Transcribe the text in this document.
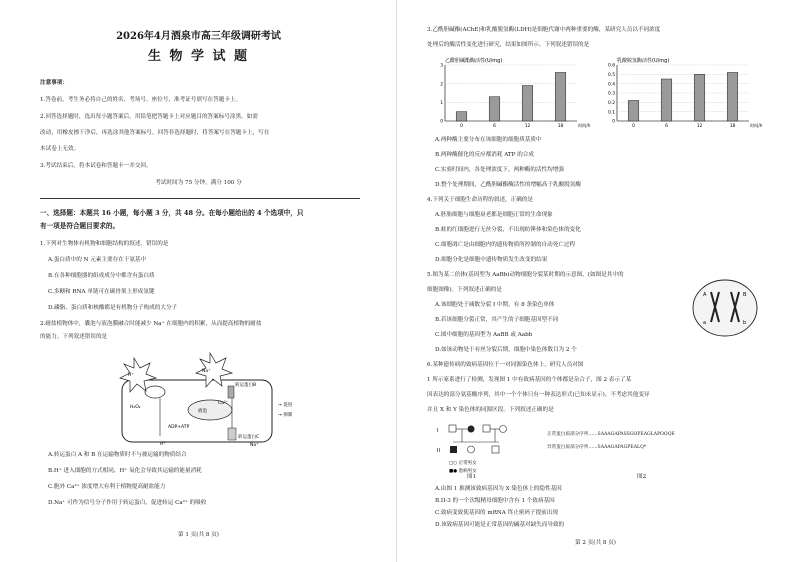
2026年4月酒泉市高三年级调研考试
生 物 学 试 题
注意事项：
1.答卷前，考生务必将自己的姓名、考场号、座位号、准考证号填写在答题卡上。
2.回答选择题时，选出每小题答案后，用铅笔把答题卡上对应题目的答案标号涂黑。如需
改动，用橡皮擦干净后，再选涂其他答案标号。回答非选择题时，将答案写在答题卡上，写在
本试卷上无效。
3.考试结束后，将本试卷和答题卡一并交回。
考试时间为 75 分钟，满分 100 分
一、选择题：本题共 16 小题，每小题 3 分，共 48 分。在每小题给出的 4 个选项中，只
有一项是符合题目要求的。
1.下列对生物体有机物和细胞结构的叙述，错误的是
A.蛋白质中的 N 元素主要存在于氨基中
B.在各种细胞器的组成成分中都含有蛋白质
C.多糖和 RNA 单链可在碳骨架上形成氢键
D.磷脂、蛋白质和核酸都是有机物分子构成的大分子
2.耐盐植物体中，囊泡与液泡膜融合时能减少 Na⁺ 在细胞内的积累，从而提高植物的耐盐
的能力。下列叙述错误的是
Na⁺
H⁺
转运蛋白B
H₂O₂
ADP+ATP
液泡
Ca²⁺
转运蛋白C
H⁺	Na⁺
→ 促进
→ 抑制
A.转运蛋白 A 和 B 在运输物质时不与被运输的物质结合
B.H⁺ 进入细胞的方式相同，H⁺ 氧化会导致其运输的能量消耗
C.胞外 Ca²⁺ 浓度增大有利于植物提高耐盐能力
D.Na⁺ 可作为信号分子作用于转运蛋白，促进转运 Ca²⁺ 的吸收
第 1 页(共 8 页)
3.乙酰胆碱酯(AChE)和乳酸脱氢酶(LDH)是细胞代谢中两种重要的酶，某研究人员以不同浓度
处理后的酶活性变化进行研究，结果如图所示。下列叙述错误的是
乙酰胆碱酯酶活性(U/mg)
0
1
2
3
0	6	12	18	时间/h
乳酸脱氢酶活性(U/mg)
0
0.1
0.2
0.3
0.4
0.5
0.6
0	6	12	18	时间/h
A.两种酶主要分布在该细胞的细胞质基质中
B.两种酶催化的反应都消耗 ATP 的合成
C.实验时间内，各处理浓度下，两种酶的活性均增强
D.整个处理期间，乙酰胆碱酯酶活性的增幅高于乳酸脱氢酶
4.下列关于细胞生命历程的叙述，正确的是
A.胚胎细胞与细胞衰老都是细胞正常的生命现象
B.蛙的红细胞进行无丝分裂，不出现纺锤体和染色体的变化
C.细胞凋亡是由细胞内的遗传物质所控制的自动死亡过程
D.细胞分化是细胞中遗传物质发生改变的结果
5.图为某二倍体(基因型为 AaBb)动物细胞分裂某时期的示意图，(如图是其中的
细胞图像)。下列叙述正确的是
A.该细胞处于减数分裂 I 中期，有 8 条染色单体
B.若该细胞分裂正常，其产生的子细胞基因型不同
C.图中细胞的基因型为 AaBB 或 Aabb
D.如该动物处于有丝分裂后期，细胞中染色体数目为 2 个
A
a
B
b
6.某种遗传病的致病基因位于一对同源染色体上，研究人员对图
1 所示家系进行了检测，发现图 1 中有致病基因的个体都是杂合子，图 2 表示了某
因表达的部分氨基酸序列，其中一个个体只有一种表达形式(已知未显示)。不考虑其他变异
并且 X 和 Y 染色体的同源区段。下列叙述正确的是
I
II
□○ 正常男女
■● 患病男女
正常蛋白质部分序列……SAAAGAPASSGOPEAGLAPOOQE
异常蛋白质部分序列……SAAAGAPAGPEALQ*
图1	图2
A.由图 1 推测该致病基因为 X 染色体上的隐性基因
B.II-3 的一个次级精母细胞中含有 1 个致病基因
C.致病变致使基因的 mRNA 终止密码子提前出现
D.该致病基因可能是正常基因的碱基对缺失而导致的
第 2 页(共 8 页)
